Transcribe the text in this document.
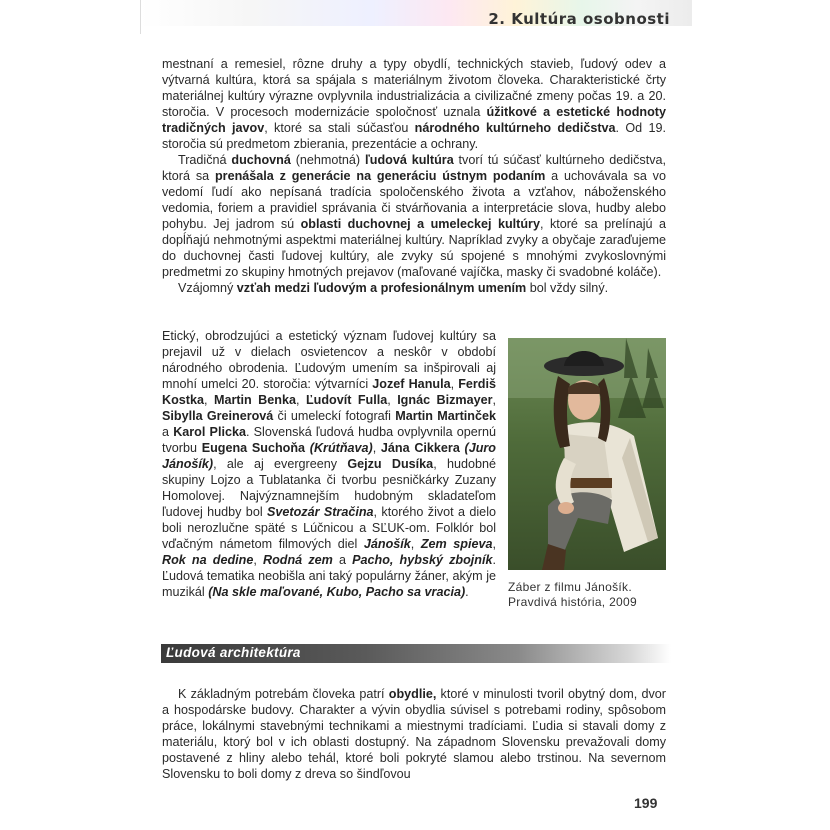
2. Kultúra osobnosti

mestnaní a remesiel, rôzne druhy a typy obydlí, technických stavieb, ľudový odev a výtvarná kultúra, ktorá sa spájala s materiálnym životom človeka. Charakteristické črty materiálnej kultúry výrazne ovplyvnila industrializácia a civilizačné zmeny počas 19. a 20. storočia. V procesoch modernizácie spoločnosť uznala úžitkové a estetické hodnoty tradičných javov, ktoré sa stali súčasťou národného kultúrneho dedičstva. Od 19. storočia sú predmetom zbierania, prezentácie a ochrany.

Tradičná duchovná (nehmotná) ľudová kultúra tvorí tú súčasť kultúrneho dedičstva, ktorá sa prenášala z generácie na generáciu ústnym podaním a uchovávala sa vo vedomí ľudí ako nepísaná tradícia spoločenského života a vzťahov, náboženského vedomia, foriem a pravidiel správania či stvárňovania a interpretácie slova, hudby alebo pohybu. Jej jadrom sú oblasti duchovnej a umeleckej kultúry, ktoré sa prelínajú a dopĺňajú nehmotnými aspektmi materiálnej kultúry. Napríklad zvyky a obyčaje zaraďujeme do duchovnej časti ľudovej kultúry, ale zvyky sú spojené s mnohými zvykoslovnými predmetmi zo skupiny hmotných prejavov (maľované vajíčka, masky či svadobné koláče).

Vzájomný vzťah medzi ľudovým a profesionálnym umením bol vždy silný.

Etický, obrodzujúci a estetický význam ľudovej kultúry sa prejavil už v dielach osvietencov a neskôr v období národného obrodenia. Ľudovým umením sa inšpirovali aj mnohí umelci 20. storočia: výtvarníci Jozef Hanula, Ferdiš Kostka, Martin Benka, Ľudovít Fulla, Ignác Bizmayer, Sibylla Greinerová či umeleckí fotografi Martin Martinček a Karol Plicka. Slovenská ľudová hudba ovplyvnila opernú tvorbu Eugena Suchoňa (Krútňava), Jána Cikkera (Juro Jánošík), ale aj evergreeny Gejzu Dusíka, hudobné skupiny Lojzo a Tublatanka či tvorbu pesničkárky Zuzany Homolovej. Najvýznamnejším hudobným skladateľom ľudovej hudby bol Svetozár Stračina, ktorého život a dielo boli nerozlučne späté s Lúčnicou a SĽUK-om. Folklór bol vďačným námetom filmových diel Jánošík, Zem spieva, Rok na dedine, Rodná zem a Pacho, hybský zbojník. Ľudová tematika neobišla ani taký populárny žáner, akým je muzikál (Na skle maľované, Kubo, Pacho sa vracia).	Záber z filmu Jánošík. Pravdivá história, 2009
Ľudová architektúra

K základným potrebám človeka patrí obydlie, ktoré v minulosti tvoril obytný dom, dvor a hospodárske budovy. Charakter a vývin obydlia súvisel s potrebami rodiny, spôsobom práce, lokálnymi stavebnými technikami a miestnymi tradíciami. Ľudia si stavali domy z materiálu, ktorý bol v ich oblasti dostupný. Na západnom Slovensku prevažovali domy postavené z hliny alebo tehál, ktoré boli pokryté slamou alebo trstinou. Na severnom Slovensku to boli domy z dreva so šindľovou

199
